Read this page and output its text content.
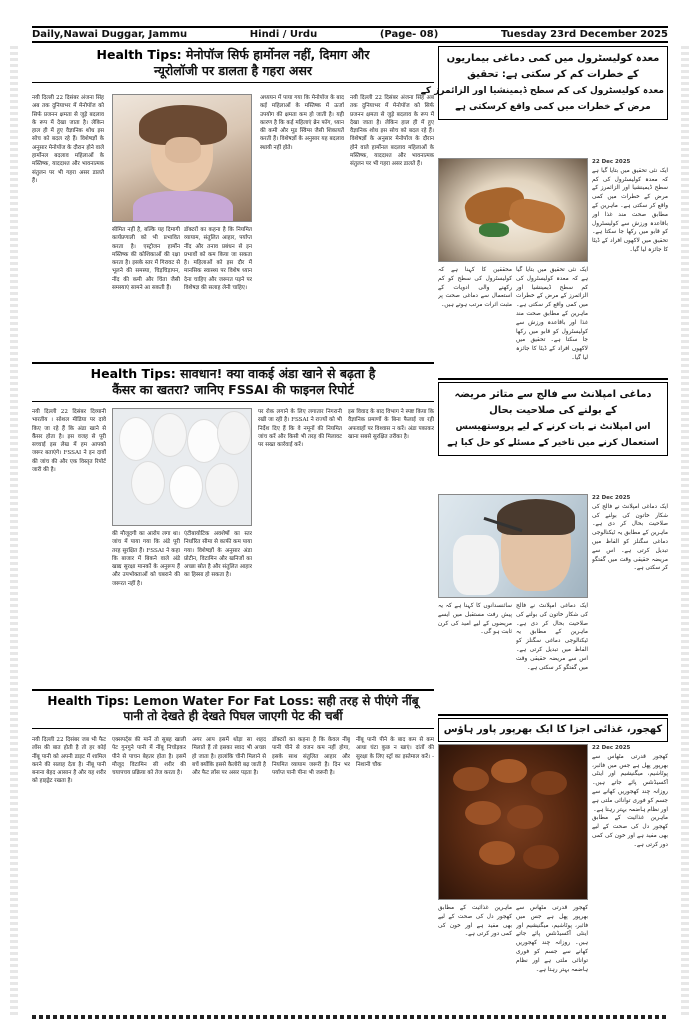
Daily,Nawai Duggar, Jammu	Hindi / Urdu	(Page- 08)	Tuesday 23rd December 2025
Health Tips: मेनोपॉज सिर्फ हार्मोनल नहीं, दिमाग और
न्यूरोलॉजी पर डालता है गहरा असर

नयी दिल्ली 22 दिसंबर अंजना सिंह अब तक दुनियाभर में मेनोपॉज को सिर्फ प्रजनन क्षमता से जुड़े बदलाव के रूप में देखा जाता है। लेकिन हाल ही में हुए वैज्ञानिक शोध इस सोच को बदल रहे हैं। विशेषज्ञों के अनुसार मेनोपॉज के दौरान होने वाले हार्मोनल बदलाव महिलाओं के मस्तिष्क, याददाश्त और भावनात्मक संतुलन पर भी गहरा असर डालते हैं।

सीमित नहीं है, बल्कि यह दिमागी कार्यप्रणाली को भी प्रभावित करता है। एस्ट्रोजन हार्मोन मस्तिष्क की कोशिकाओं की रक्षा करता है। इसके स्तर में गिरावट से भूलने की समस्या, चिड़चिड़ापन, नींद की कमी और चिंता जैसी समस्याएं सामने आ सकती हैं।

डॉक्टरों का कहना है कि नियमित व्यायाम, संतुलित आहार, पर्याप्त नींद और तनाव प्रबंधन से इन प्रभावों को कम किया जा सकता है। महिलाओं को इस दौर में मानसिक स्वास्थ्य पर विशेष ध्यान देना चाहिए और जरूरत पड़ने पर विशेषज्ञ की सलाह लेनी चाहिए।

अध्ययन में पाया गया कि मेनोपॉज के बाद कई महिलाओं के मस्तिष्क में ऊर्जा उपयोग की क्षमता कम हो जाती है। यही कारण है कि कई महिलाएं ब्रेन फॉग, ध्यान की कमी और मूड स्विंग्स जैसी शिकायतें करती हैं। विशेषज्ञों के अनुसार यह बदलाव स्थायी नहीं होते।

नयी दिल्ली 22 दिसंबर अंजना सिंह अब तक दुनियाभर में मेनोपॉज को सिर्फ प्रजनन क्षमता से जुड़े बदलाव के रूप में देखा जाता है। लेकिन हाल ही में हुए वैज्ञानिक शोध इस सोच को बदल रहे हैं। विशेषज्ञों के अनुसार मेनोपॉज के दौरान होने वाले हार्मोनल बदलाव महिलाओं के मस्तिष्क, याददाश्त और भावनात्मक संतुलन पर भी गहरा असर डालते हैं।

Health Tips: सावधान! क्या वाकई अंडा खाने से बढ़ता है
कैंसर का खतरा? जानिए FSSAI की फाइनल रिपोर्ट

नयी दिल्ली 22 दिसंबर दिव्यानी भारतीय । सोशल मीडिया पर दावे किए जा रहे हैं कि अंडा खाने से कैंसर होता है। इस वजह से पूरी सच्चाई इस लेख में हम आपको जरूर बताएंगे। FSSAI ने इन दावों की जांच की और एक विस्तृत रिपोर्ट जारी की है।

की मौजूदगी का आरोप लगा था। जांच में पाया गया कि अंडे पूरी तरह सुरक्षित हैं। FSSAI ने कहा कि बाजार में बिकने वाले अंडे खाद्य सुरक्षा मानकों के अनुरूप हैं और उपभोक्ताओं को घबराने की जरूरत नहीं है।

एंटीबायोटिक अवशेषों का स्तर निर्धारित सीमा से काफी कम पाया गया। विशेषज्ञों के अनुसार अंडा प्रोटीन, विटामिन और खनिजों का अच्छा स्रोत है और संतुलित आहार का हिस्सा हो सकता है।

पर रोक लगाने के लिए लगातार निगरानी रखी जा रही है। FSSAI ने राज्यों को भी निर्देश दिए हैं कि वे नमूनों की नियमित जांच करें और किसी भी तरह की मिलावट पर सख्त कार्रवाई करें।

इस विवाद के बाद विभाग ने स्पष्ट किया कि वैज्ञानिक प्रमाणों के बिना फैलाई जा रही अफवाहों पर विश्वास न करें। अंडा पकाकर खाना सबसे सुरक्षित तरीका है।

Health Tips: Lemon Water For Fat Loss: सही तरह से पीएंगे नींबू
पानी तो देखते ही देखते पिघल जाएगी पेट की चर्बी

नयी दिल्ली 22 दिसंबर जब भी फैट लॉस की बात होती है तो हर कोई नींबू पानी को अपनी डाइट में शामिल करने की सलाह देता है। नींबू पानी बनाना बेहद आसान है और यह शरीर को हाइड्रेट रखता है।

एक्सपर्ट्स की मानें तो सुबह खाली पेट गुनगुने पानी में नींबू निचोड़कर पीने से पाचन बेहतर होता है। इसमें मौजूद विटामिन सी शरीर की चयापचय प्रक्रिया को तेज करता है।

अगर आप इसमें थोड़ा सा शहद मिलाते हैं तो इसका स्वाद भी अच्छा हो जाता है। हालांकि चीनी मिलाने से बचें क्योंकि इससे कैलोरी बढ़ जाती है और फैट लॉस पर असर पड़ता है।

डॉक्टरों का कहना है कि केवल नींबू पानी पीने से वजन कम नहीं होगा, इसके साथ संतुलित आहार और नियमित व्यायाम जरूरी है। दिन भर पर्याप्त पानी पीना भी जरूरी है।

नींबू पानी पीने के बाद कम से कम आधा घंटा कुछ न खाएं। दांतों की सुरक्षा के लिए स्ट्रॉ का इस्तेमाल करें। - निशानी चौक

معدہ کولیسٹرول میں کمی دماغی بیماریوں
کے خطرات کم کر سکتی ہے: تحقیق
معدہ کولیسٹرول کی کم سطح ڈیمینشیا اور الزائمرز کے
مرض کے خطرات میں کمی واقع کرسکتی ہے
22 Dec 2025

ایک نئی تحقیق میں بتایا گیا ہے کہ معدہ کولیسٹرول کی کم سطح ڈیمینشیا اور الزائمرز کے مرض کے خطرات میں کمی واقع کر سکتی ہے۔ ماہرین کے مطابق صحت مند غذا اور باقاعدہ ورزش سے کولیسٹرول کو قابو میں رکھا جا سکتا ہے۔ تحقیق میں لاکھوں افراد کے ڈیٹا کا جائزہ لیا گیا۔

محققین کا کہنا ہے کہ کولیسٹرول کی سطح کو کم رکھنے والی ادویات کے استعمال سے دماغی صحت پر مثبت اثرات مرتب ہوتے ہیں۔

ایک نئی تحقیق میں بتایا گیا ہے کہ معدہ کولیسٹرول کی کم سطح ڈیمینشیا اور الزائمرز کے مرض کے خطرات میں کمی واقع کر سکتی ہے۔ ماہرین کے مطابق صحت مند غذا اور باقاعدہ ورزش سے کولیسٹرول کو قابو میں رکھا جا سکتا ہے۔ تحقیق میں لاکھوں افراد کے ڈیٹا کا جائزہ لیا گیا۔

دماغی امپلانٹ سے فالج سے متاثر مریضہ
کے بولنے کی صلاحیت بحال
اس امپلانٹ نے بات کرنے کے لیے پروستھیسس
استعمال کرنے میں تاخیر کے مسئلے کو حل کیا ہے
22 Dec 2025

ایک دماغی امپلانٹ نے فالج کی شکار خاتون کی بولنے کی صلاحیت بحال کر دی ہے۔ ماہرین کے مطابق یہ ٹیکنالوجی دماغی سگنلز کو الفاظ میں تبدیل کرتی ہے۔ اس سے مریضہ حقیقی وقت میں گفتگو کر سکتی ہے۔

سائنسدانوں کا کہنا ہے کہ یہ پیش رفت مستقبل میں ایسے مریضوں کے لیے امید کی کرن ثابت ہو گی۔

ایک دماغی امپلانٹ نے فالج کی شکار خاتون کی بولنے کی صلاحیت بحال کر دی ہے۔ ماہرین کے مطابق یہ ٹیکنالوجی دماغی سگنلز کو الفاظ میں تبدیل کرتی ہے۔ اس سے مریضہ حقیقی وقت میں گفتگو کر سکتی ہے۔

کھجور، غذائی اجزا کا ایک بھرپور پاور ہاؤس
22 Dec 2025

کھجور قدرتی مٹھاس سے بھرپور پھل ہے جس میں فائبر، پوٹاشیم، میگنیشیم اور اینٹی آکسیڈنٹس پائے جاتے ہیں۔ روزانہ چند کھجوریں کھانے سے جسم کو فوری توانائی ملتی ہے اور نظام ہاضمہ بہتر رہتا ہے۔

ماہرین غذائیت کے مطابق کھجور دل کی صحت کے لیے بھی مفید ہے اور خون کی کمی دور کرتی ہے۔

ماہرین غذائیت کے مطابق کھجور دل کی صحت کے لیے بھی مفید ہے اور خون کی کمی دور کرتی ہے۔

کھجور قدرتی مٹھاس سے بھرپور پھل ہے جس میں فائبر، پوٹاشیم، میگنیشیم اور اینٹی آکسیڈنٹس پائے جاتے ہیں۔ روزانہ چند کھجوریں کھانے سے جسم کو فوری توانائی ملتی ہے اور نظام ہاضمہ بہتر رہتا ہے۔
